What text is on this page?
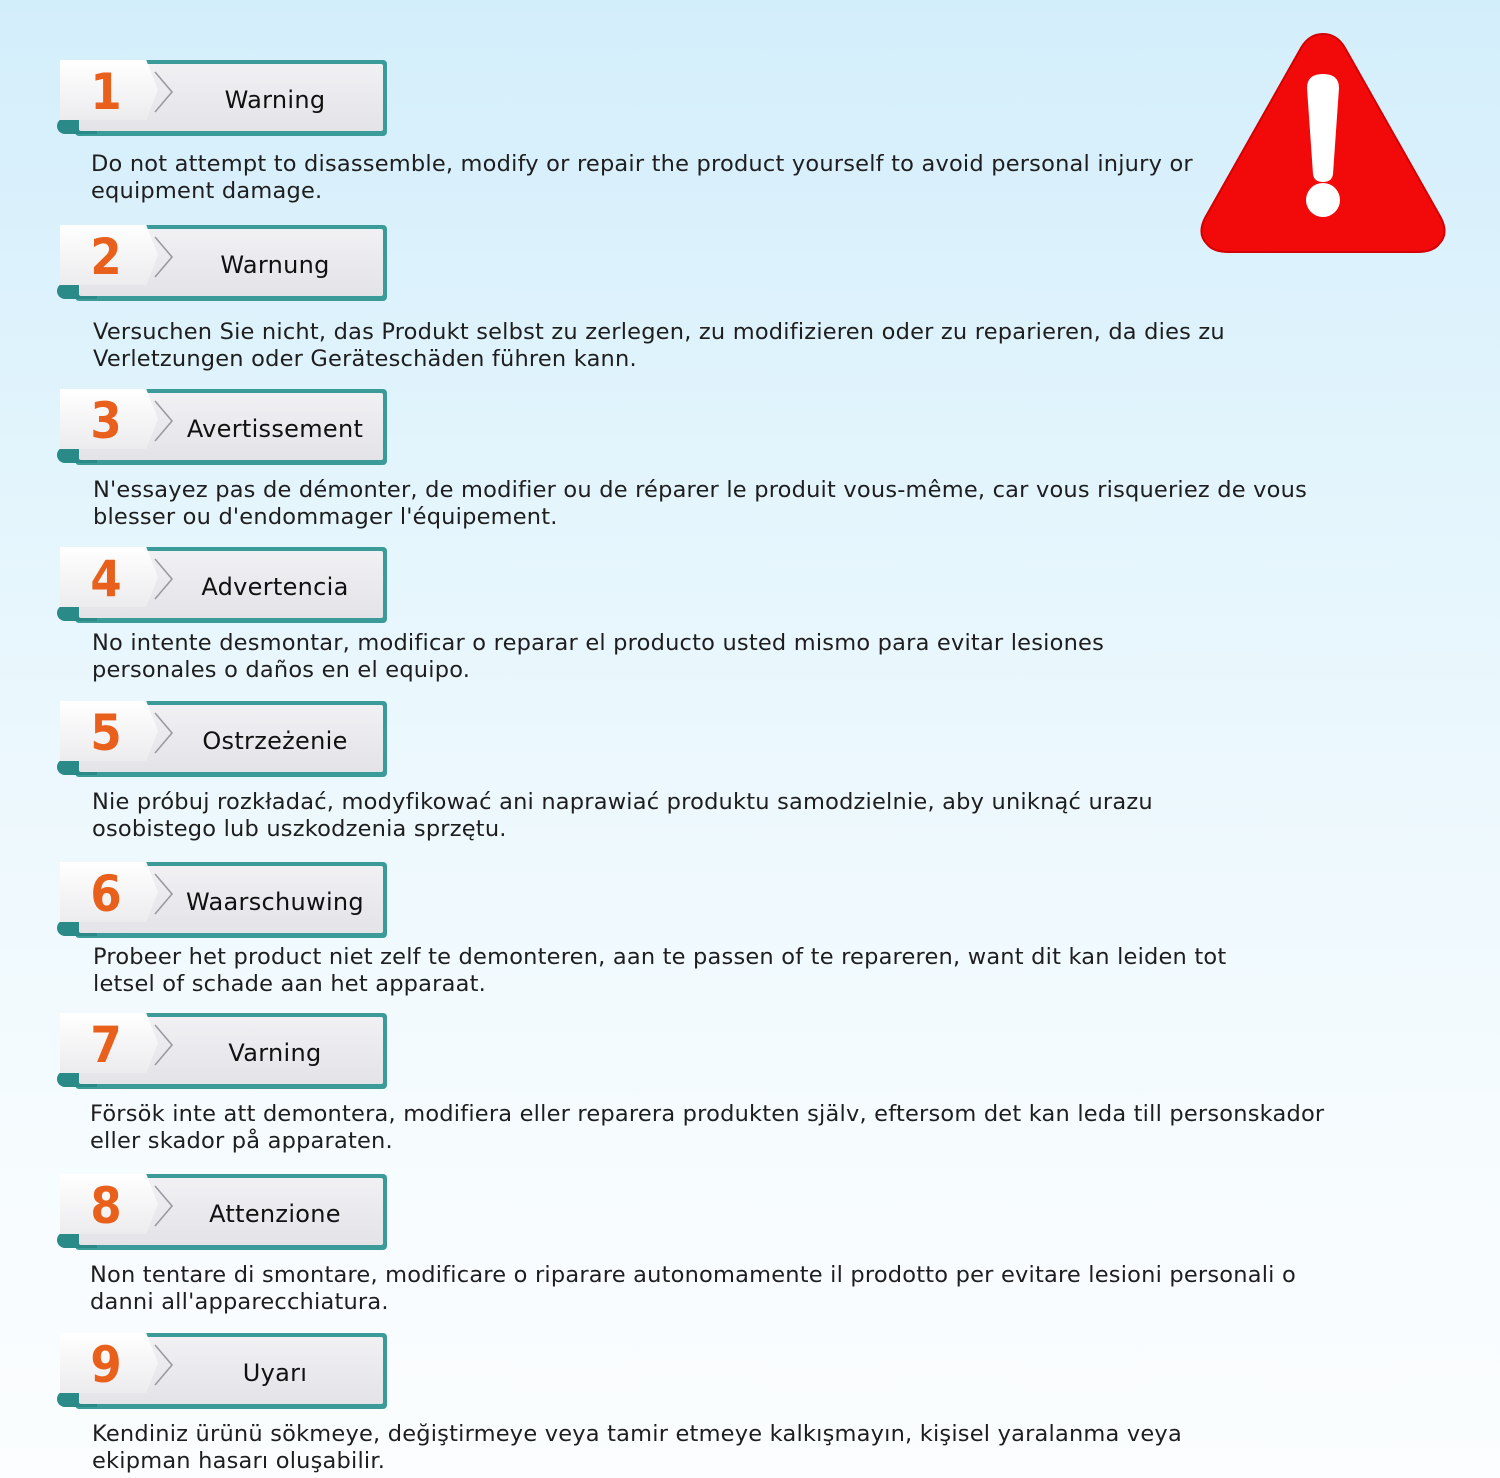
1	Warning

Do not attempt to disassemble, modify or repair the product yourself to avoid personal injury or equipment damage.

2	Warnung

Versuchen Sie nicht, das Produkt selbst zu zerlegen, zu modifizieren oder zu reparieren, da dies zu Verletzungen oder Geräteschäden führen kann.

3	Avertissement

N'essayez pas de démonter, de modifier ou de réparer le produit vous-même, car vous risqueriez de vous blesser ou d'endommager l'équipement.

4	Advertencia

No intente desmontar, modificar o reparar el producto usted mismo para evitar lesiones personales o daños en el equipo.

5	Ostrzeżenie

Nie próbuj rozkładać, modyfikować ani naprawiać produktu samodzielnie, aby uniknąć urazu osobistego lub uszkodzenia sprzętu.

6	Waarschuwing

Probeer het product niet zelf te demonteren, aan te passen of te repareren, want dit kan leiden tot letsel of schade aan het apparaat.

7	Varning

Försök inte att demontera, modifiera eller reparera produkten själv, eftersom det kan leda till personskador eller skador på apparaten.

8	Attenzione

Non tentare di smontare, modificare o riparare autonomamente il prodotto per evitare lesioni personali o danni all'apparecchiatura.

9	Uyarı

Kendiniz ürünü sökmeye, değiştirmeye veya tamir etmeye kalkışmayın, kişisel yaralanma veya ekipman hasarı oluşabilir.
